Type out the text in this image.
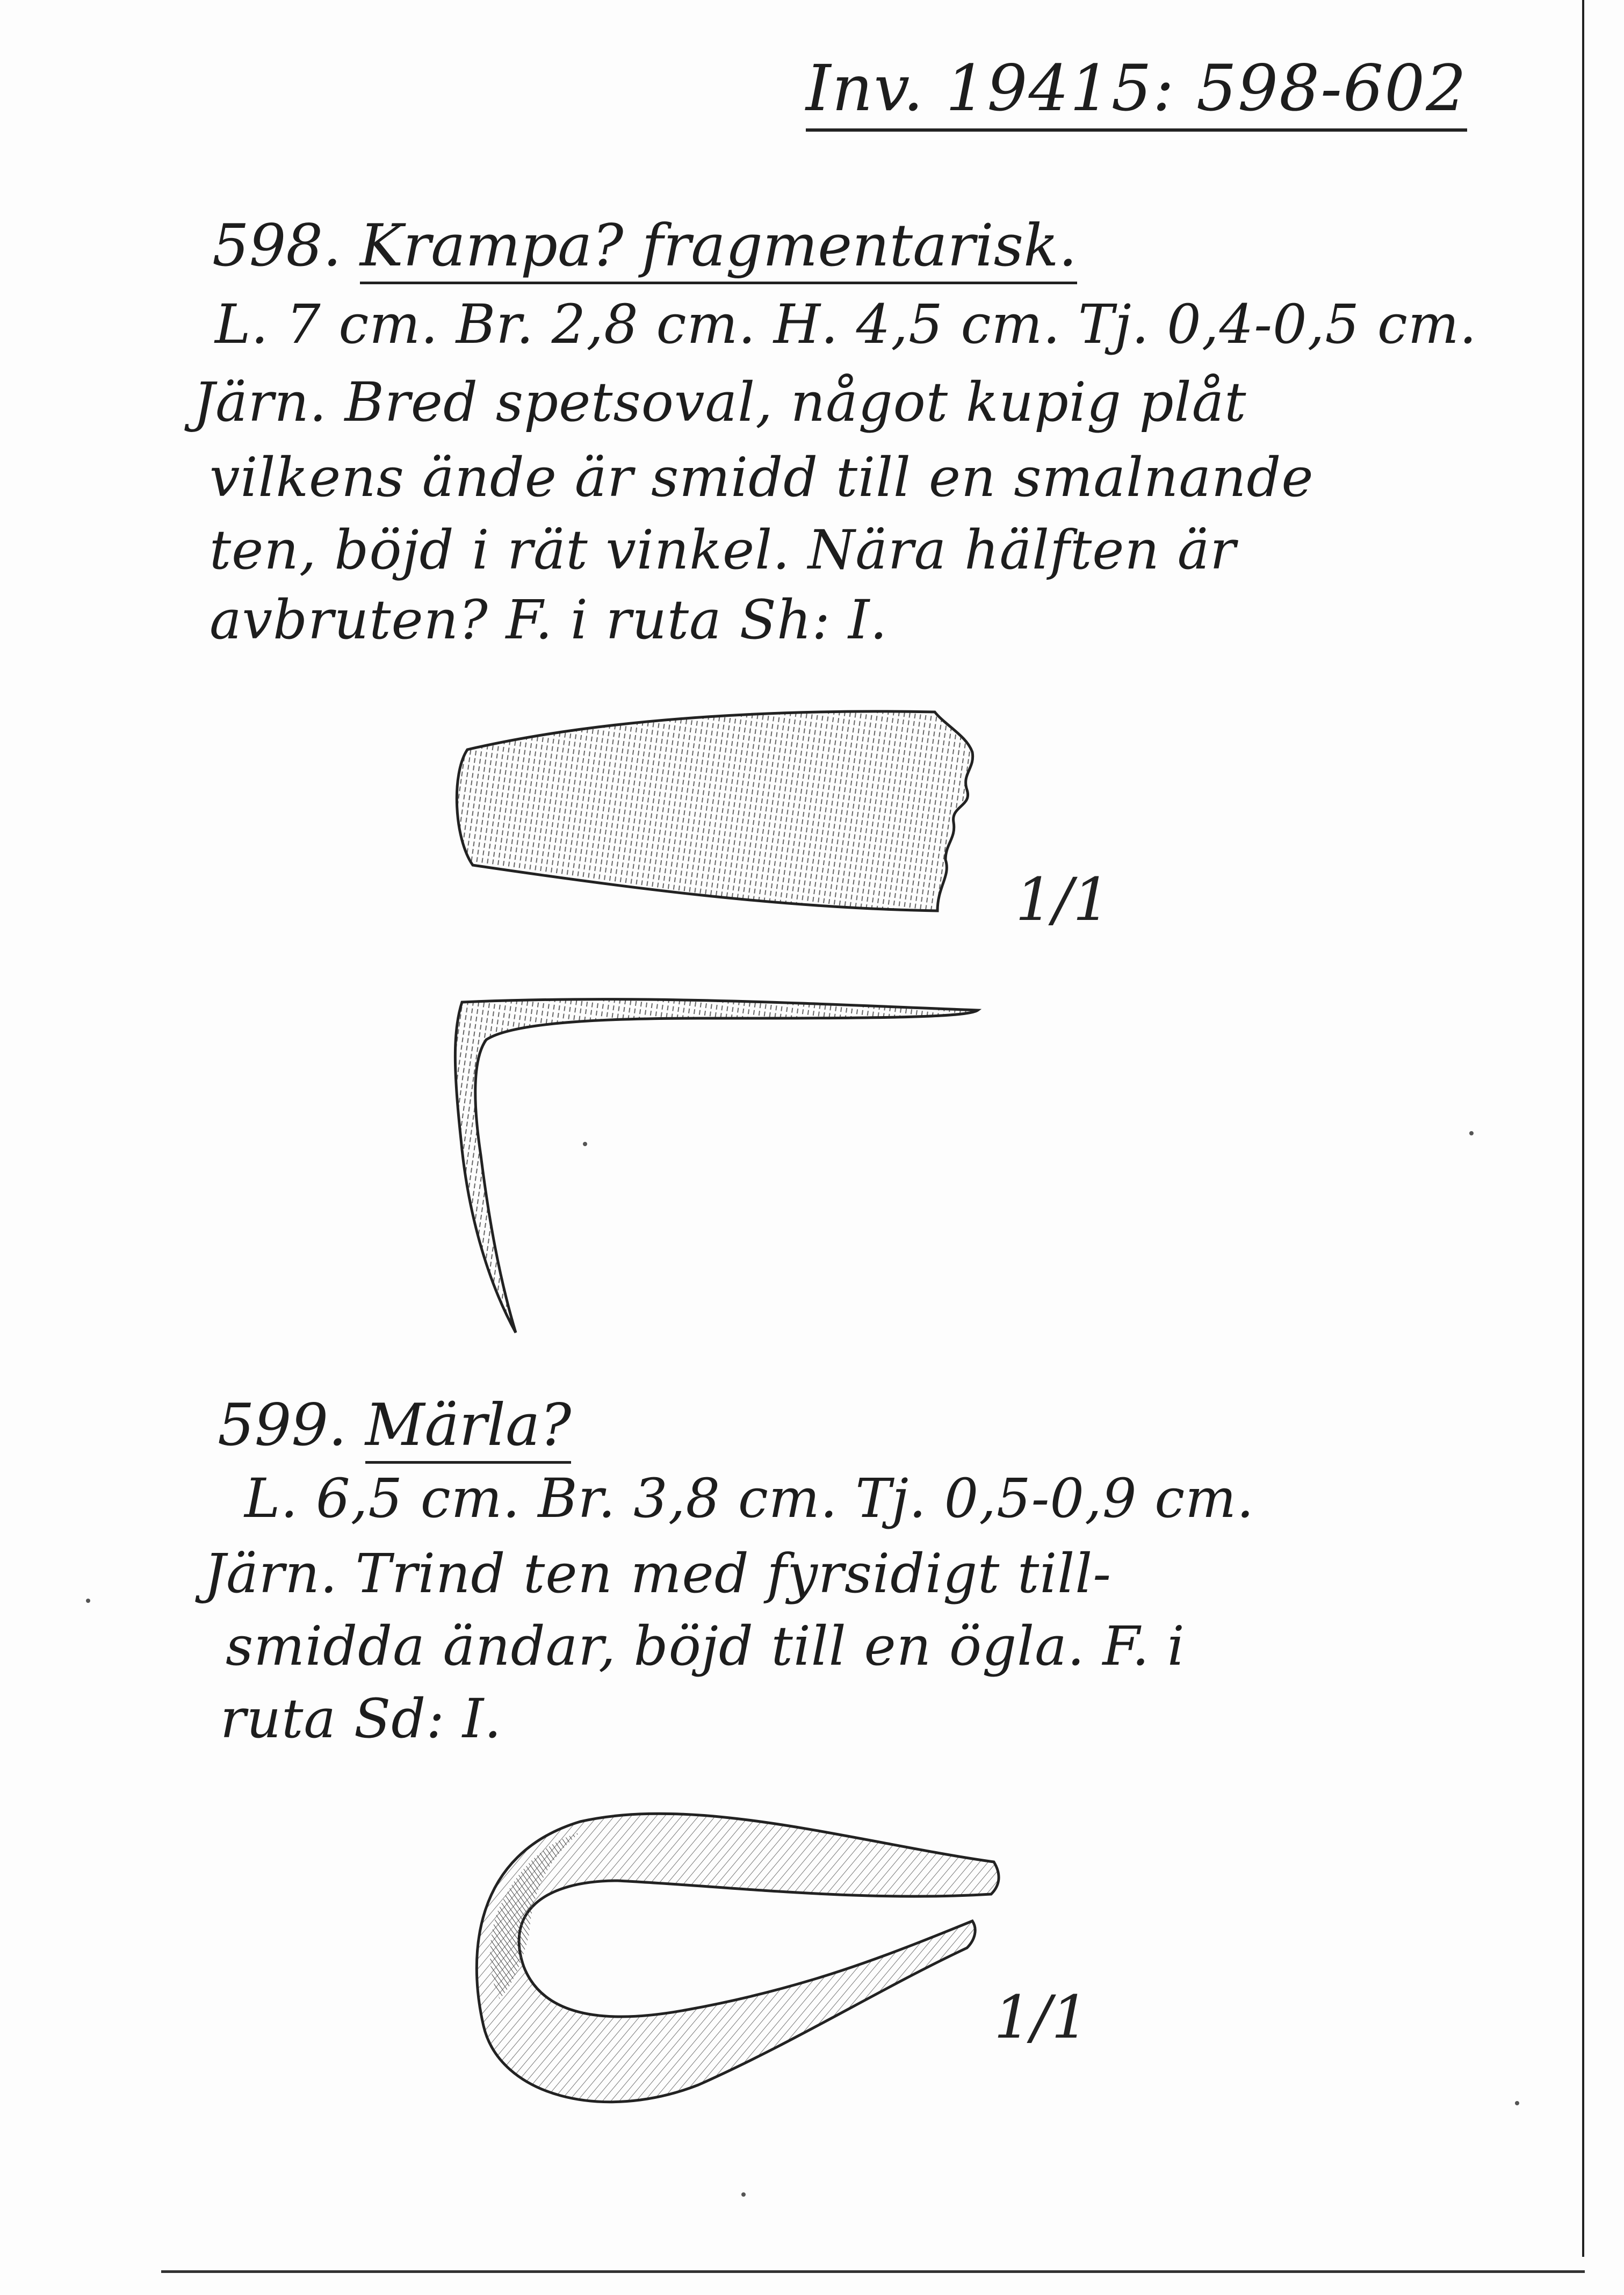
Inv. 19415: 598-602
598. Krampa? fragmentarisk.
L. 7 cm. Br. 2,8 cm. H. 4,5 cm. Tj. 0,4-0,5 cm.
Järn. Bred spetsoval, något kupig plåt
vilkens ände är smidd till en smalnande
ten, böjd i rät vinkel. Nära hälften är
avbruten? F. i ruta Sh: I.
599. Märla?
L. 6,5 cm. Br. 3,8 cm. Tj. 0,5-0,9 cm.
Järn. Trind ten med fyrsidigt till-
smidda ändar, böjd till en ögla. F. i
ruta Sd: I.
1/1
1/1
